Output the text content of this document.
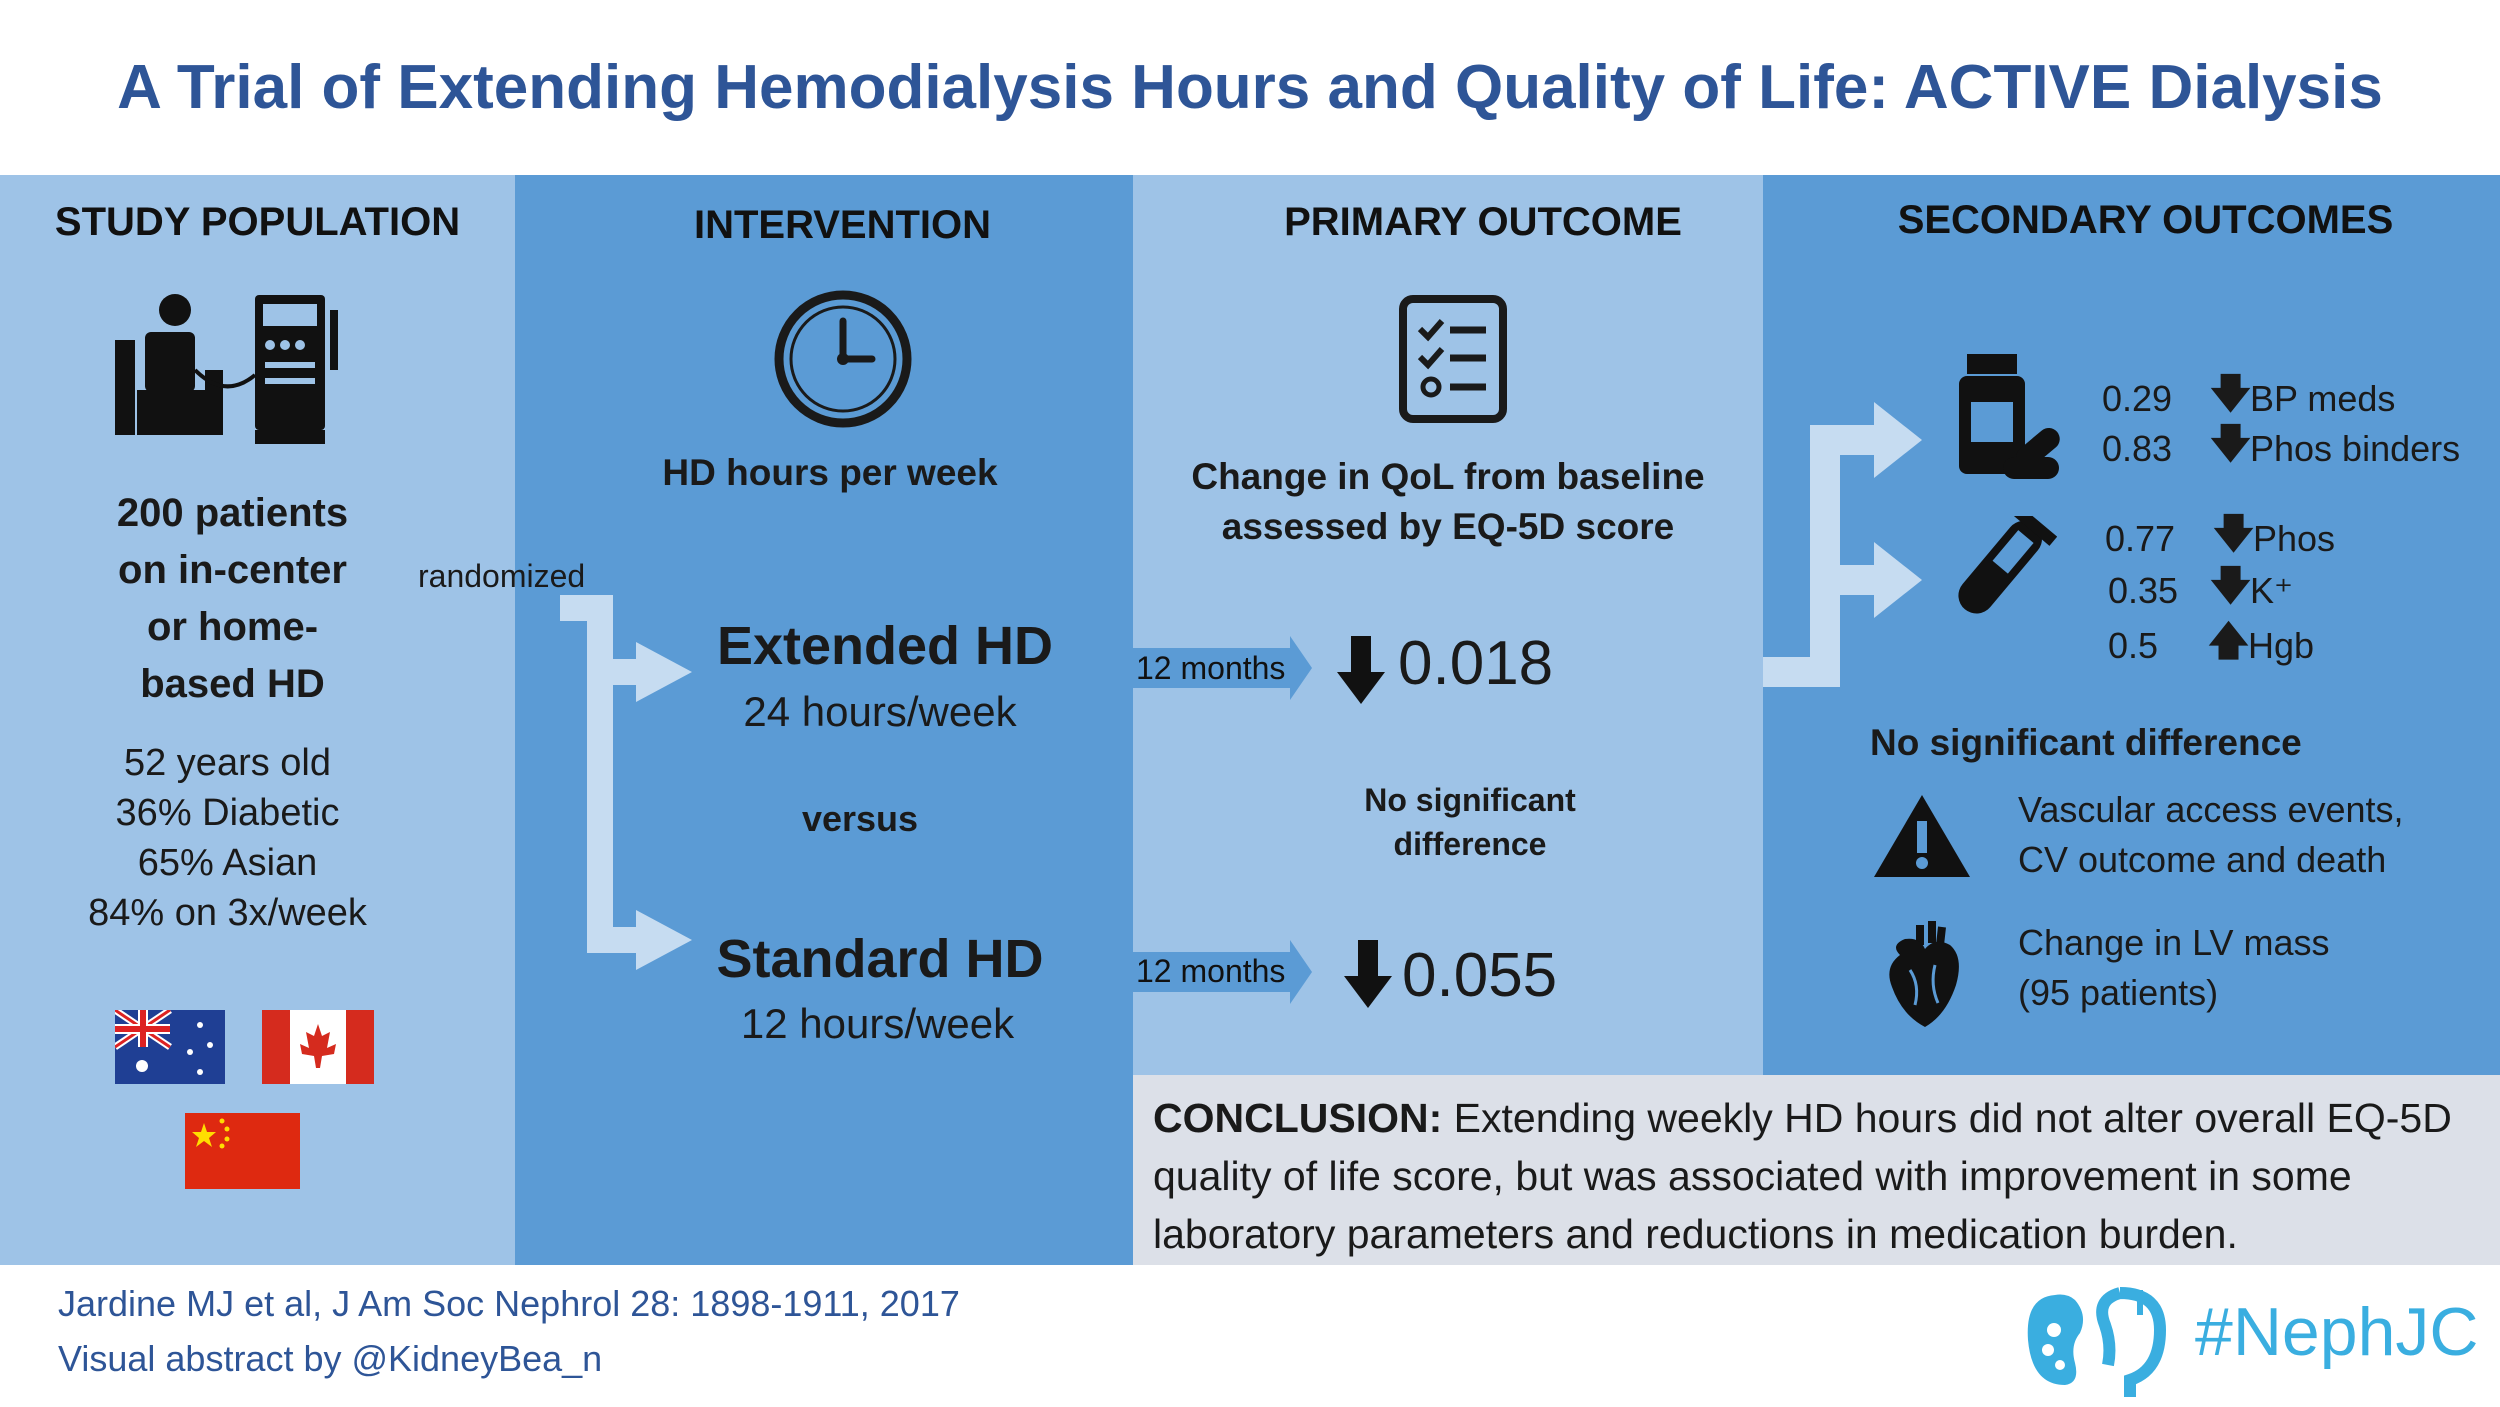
A Trial of Extending Hemodialysis Hours and Quality of Life: ACTIVE Dialysis
STUDY POPULATION
200 patients
on in-center
or home-
based HD
52 years old
36% Diabetic
65% Asian
84% on 3x/week
randomized
INTERVENTION
HD hours per week
Extended HD
24 hours/week
versus
Standard HD
12 hours/week
PRIMARY OUTCOME
Change in QoL from baseline
assessed by EQ-5D score
12 months 0.018
No significant
difference
12 months 0.055
SECONDARY OUTCOMES
0.29 🡇
BP meds
0.83 🡇
Phos binders
0.77 🡇
Phos
0.35 🡇
K⁺
0.5	🡅
Hgb
No significant difference
Vascular access events,
CV outcome and death
Change in LV mass
(95 patients)
CONCLUSION: Extending weekly HD hours did not alter overall EQ-5D quality of life score, but was associated with improvement in some laboratory parameters and reductions in medication burden.
Jardine MJ et al, J Am Soc Nephrol 28: 1898-1911, 2017
Visual abstract by @KidneyBea_n	#NephJC
